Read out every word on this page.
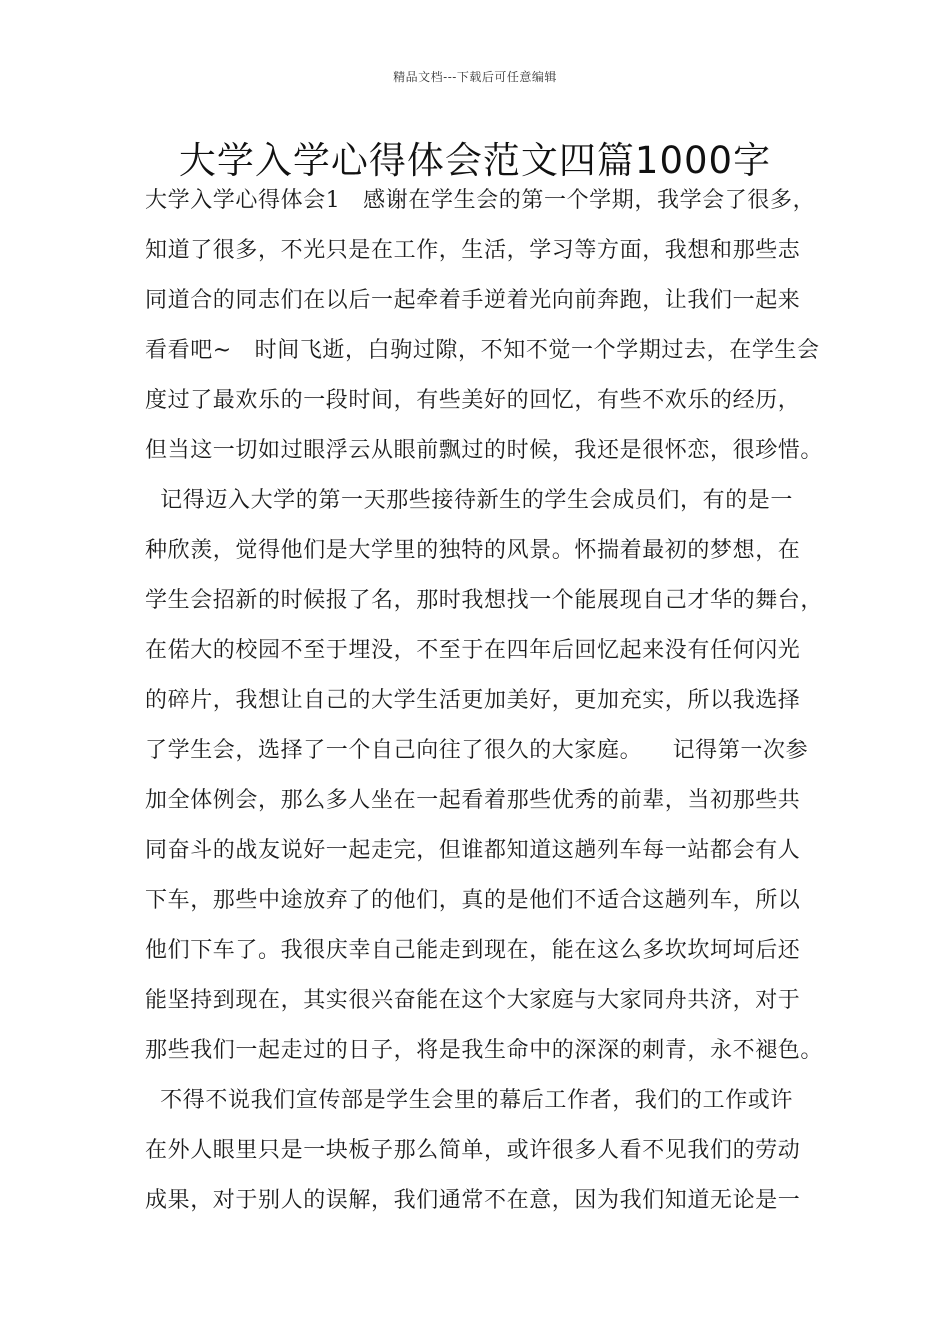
精品文档---下载后可任意编辑
大学入学心得体会范文四篇1000字
大学入学心得体会1   感谢在学生会的第一个学期，我学会了很多，
知道了很多，不光只是在工作，生活，学习等方面，我想和那些志
同道合的同志们在以后一起牵着手逆着光向前奔跑，让我们一起来
看看吧~   时间飞逝，白驹过隙，不知不觉一个学期过去，在学生会
度过了最欢乐的一段时间，有些美好的回忆，有些不欢乐的经历，
但当这一切如过眼浮云从眼前飘过的时候，我还是很怀恋，很珍惜。
记得迈入大学的第一天那些接待新生的学生会成员们，有的是一
种欣羡，觉得他们是大学里的独特的风景。怀揣着最初的梦想，在
学生会招新的时候报了名，那时我想找一个能展现自己才华的舞台，
在偌大的校园不至于埋没，不至于在四年后回忆起来没有任何闪光
的碎片，我想让自己的大学生活更加美好，更加充实，所以我选择
了学生会，选择了一个自己向往了很久的大家庭。    记得第一次参
加全体例会，那么多人坐在一起看着那些优秀的前辈，当初那些共
同奋斗的战友说好一起走完，但谁都知道这趟列车每一站都会有人
下车，那些中途放弃了的他们，真的是他们不适合这趟列车，所以
他们下车了。我很庆幸自己能走到现在，能在这么多坎坎坷坷后还
能坚持到现在，其实很兴奋能在这个大家庭与大家同舟共济，对于
那些我们一起走过的日子，将是我生命中的深深的刺青，永不褪色。
不得不说我们宣传部是学生会里的幕后工作者，我们的工作或许
在外人眼里只是一块板子那么简单，或许很多人看不见我们的劳动
成果，对于别人的误解，我们通常不在意，因为我们知道无论是一
